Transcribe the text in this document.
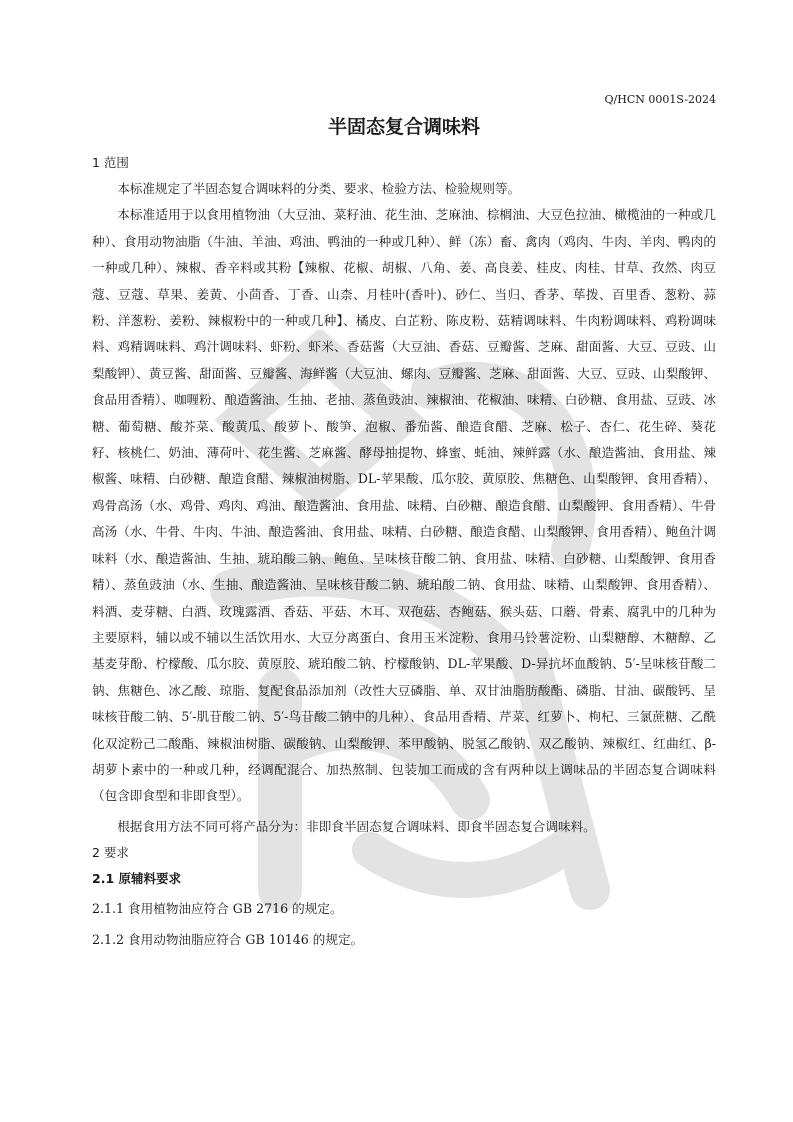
Q/HCN 0001S-2024
半固态复合调味料

1 范围

本标准规定了半固态复合调味料的分类、要求、检验方法、检验规则等。

本标准适用于以食用植物油（大豆油、菜籽油、花生油、芝麻油、棕榈油、大豆色拉油、橄榄油的一种或几种）、食用动物油脂（牛油、羊油、鸡油、鸭油的一种或几种）、鲜（冻）畜、禽肉（鸡肉、牛肉、羊肉、鸭肉的一种或几种）、辣椒、香辛料或其粉【辣椒、花椒、胡椒、八角、姜、高良姜、桂皮、肉桂、甘草、孜然、肉豆蔻、豆蔻、草果、姜黄、小茴香、丁香、山柰、月桂叶(香叶)、砂仁、当归、香茅、荜拨、百里香、葱粉、蒜粉、洋葱粉、姜粉、辣椒粉中的一种或几种】、橘皮、白芷粉、陈皮粉、菇精调味料、牛肉粉调味料、鸡粉调味料、鸡精调味料、鸡汁调味料、虾粉、虾米、香菇酱（大豆油、香菇、豆瓣酱、芝麻、甜面酱、大豆、豆豉、山梨酸钾）、黄豆酱、甜面酱、豆瓣酱、海鲜酱（大豆油、螺肉、豆瓣酱、芝麻、甜面酱、大豆、豆豉、山梨酸钾、食品用香精）、咖喱粉、酿造酱油、生抽、老抽、蒸鱼豉油、辣椒油、花椒油、味精、白砂糖、食用盐、豆豉、冰糖、葡萄糖、酸芥菜、酸黄瓜、酸萝卜、酸笋、泡椒、番茄酱、酿造食醋、芝麻、松子、杏仁、花生碎、葵花籽、核桃仁、奶油、薄荷叶、花生酱、芝麻酱、酵母抽提物、蜂蜜、蚝油、辣鲜露（水、酿造酱油、食用盐、辣椒酱、味精、白砂糖、酿造食醋、辣椒油树脂、DL-苹果酸、瓜尔胶、黄原胶、焦糖色、山梨酸钾、食用香精）、鸡骨高汤（水、鸡骨、鸡肉、鸡油、酿造酱油、食用盐、味精、白砂糖、酿造食醋、山梨酸钾、食用香精）、牛骨高汤（水、牛骨、牛肉、牛油、酿造酱油、食用盐、味精、白砂糖、酿造食醋、山梨酸钾、食用香精）、鲍鱼汁调味料（水、酿造酱油、生抽、琥珀酸二钠、鲍鱼、呈味核苷酸二钠、食用盐、味精、白砂糖、山梨酸钾、食用香精）、蒸鱼豉油（水、生抽、酿造酱油、呈味核苷酸二钠、琥珀酸二钠、食用盐、味精、山梨酸钾、食用香精）、料酒、麦芽糖、白酒、玫瑰露酒、香菇、平菇、木耳、双孢菇、杏鲍菇、猴头菇、口蘑、骨素、腐乳中的几种为主要原料，辅以或不辅以生活饮用水、大豆分离蛋白、食用玉米淀粉、食用马铃薯淀粉、山梨糖醇、木糖醇、乙基麦芽酚、柠檬酸、瓜尔胶、黄原胶、琥珀酸二钠、柠檬酸钠、DL-苹果酸、D-异抗坏血酸钠、5′-呈味核苷酸二钠、焦糖色、冰乙酸、琼脂、复配食品添加剂（改性大豆磷脂、单、双甘油脂肪酸酯、磷脂、甘油、碳酸钙、呈味核苷酸二钠、5′-肌苷酸二钠、5′-鸟苷酸二钠中的几种）、食品用香精、芹菜、红萝卜、枸杞、三氯蔗糖、乙酰化双淀粉己二酸酯、辣椒油树脂、碳酸钠、山梨酸钾、苯甲酸钠、脱氢乙酸钠、双乙酸钠、辣椒红、红曲红、β-胡萝卜素中的一种或几种，经调配混合、加热熬制、包装加工而成的含有两种以上调味品的半固态复合调味料（包含即食型和非即食型）。

根据食用方法不同可将产品分为：非即食半固态复合调味料、即食半固态复合调味料。

2 要求

2.1 原辅料要求

2.1.1 食用植物油应符合 GB 2716 的规定。

2.1.2 食用动物油脂应符合 GB 10146 的规定。
